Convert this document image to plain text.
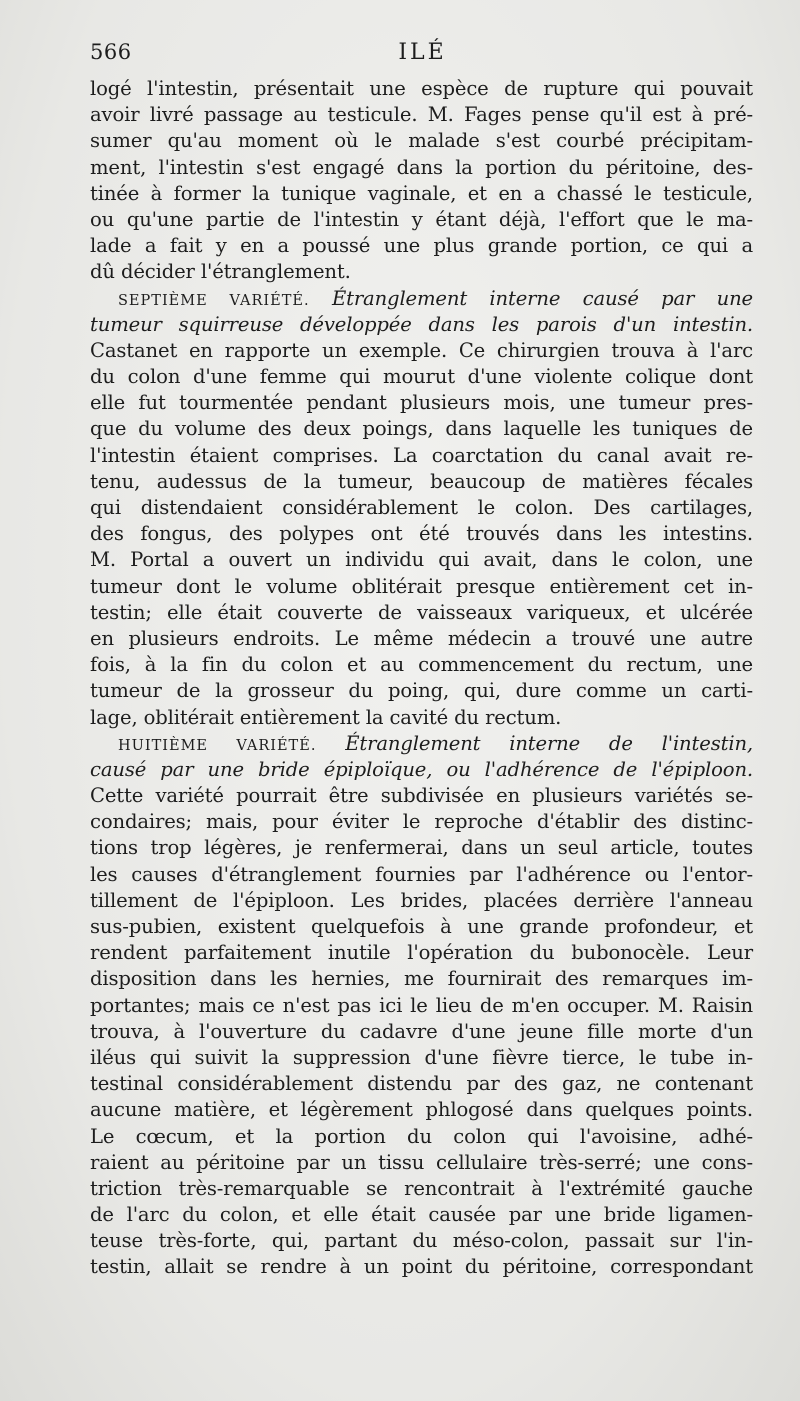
566	ILÉ
logé l'intestin, présentait une espèce de rupture qui pouvait
avoir livré passage au testicule. M. Fages pense qu'il est à pré-
sumer qu'au moment où le malade s'est courbé précipitam-
ment, l'intestin s'est engagé dans la portion du péritoine, des-
tinée à former la tunique vaginale, et en a chassé le testicule,
ou qu'une partie de l'intestin y étant déjà, l'effort que le ma-
lade a fait y en a poussé une plus grande portion, ce qui a
dû décider l'étranglement.
SEPTIÈME VARIÉTÉ. Étranglement interne causé par une
tumeur squirreuse développée dans les parois d'un intestin.
Castanet en rapporte un exemple. Ce chirurgien trouva à l'arc
du colon d'une femme qui mourut d'une violente colique dont
elle fut tourmentée pendant plusieurs mois, une tumeur pres-
que du volume des deux poings, dans laquelle les tuniques de
l'intestin étaient comprises. La coarctation du canal avait re-
tenu, audessus de la tumeur, beaucoup de matières fécales
qui distendaient considérablement le colon. Des cartilages,
des fongus, des polypes ont été trouvés dans les intestins.
M. Portal a ouvert un individu qui avait, dans le colon, une
tumeur dont le volume oblitérait presque entièrement cet in-
testin; elle était couverte de vaisseaux variqueux, et ulcérée
en plusieurs endroits. Le même médecin a trouvé une autre
fois, à la fin du colon et au commencement du rectum, une
tumeur de la grosseur du poing, qui, dure comme un carti-
lage, oblitérait entièrement la cavité du rectum.
HUITIÈME VARIÉTÉ. Étranglement interne de l'intestin,
causé par une bride épiploïque, ou l'adhérence de l'épiploon.
Cette variété pourrait être subdivisée en plusieurs variétés se-
condaires; mais, pour éviter le reproche d'établir des distinc-
tions trop légères, je renfermerai, dans un seul article, toutes
les causes d'étranglement fournies par l'adhérence ou l'entor-
tillement de l'épiploon. Les brides, placées derrière l'anneau
sus-pubien, existent quelquefois à une grande profondeur, et
rendent parfaitement inutile l'opération du bubonocèle. Leur
disposition dans les hernies, me fournirait des remarques im-
portantes; mais ce n'est pas ici le lieu de m'en occuper. M. Raisin
trouva, à l'ouverture du cadavre d'une jeune fille morte d'un
iléus qui suivit la suppression d'une fièvre tierce, le tube in-
testinal considérablement distendu par des gaz, ne contenant
aucune matière, et légèrement phlogosé dans quelques points.
Le cœcum, et la portion du colon qui l'avoisine, adhé-
raient au péritoine par un tissu cellulaire très-serré; une cons-
triction très-remarquable se rencontrait à l'extrémité gauche
de l'arc du colon, et elle était causée par une bride ligamen-
teuse très-forte, qui, partant du méso-colon, passait sur l'in-
testin, allait se rendre à un point du péritoine, correspondant
